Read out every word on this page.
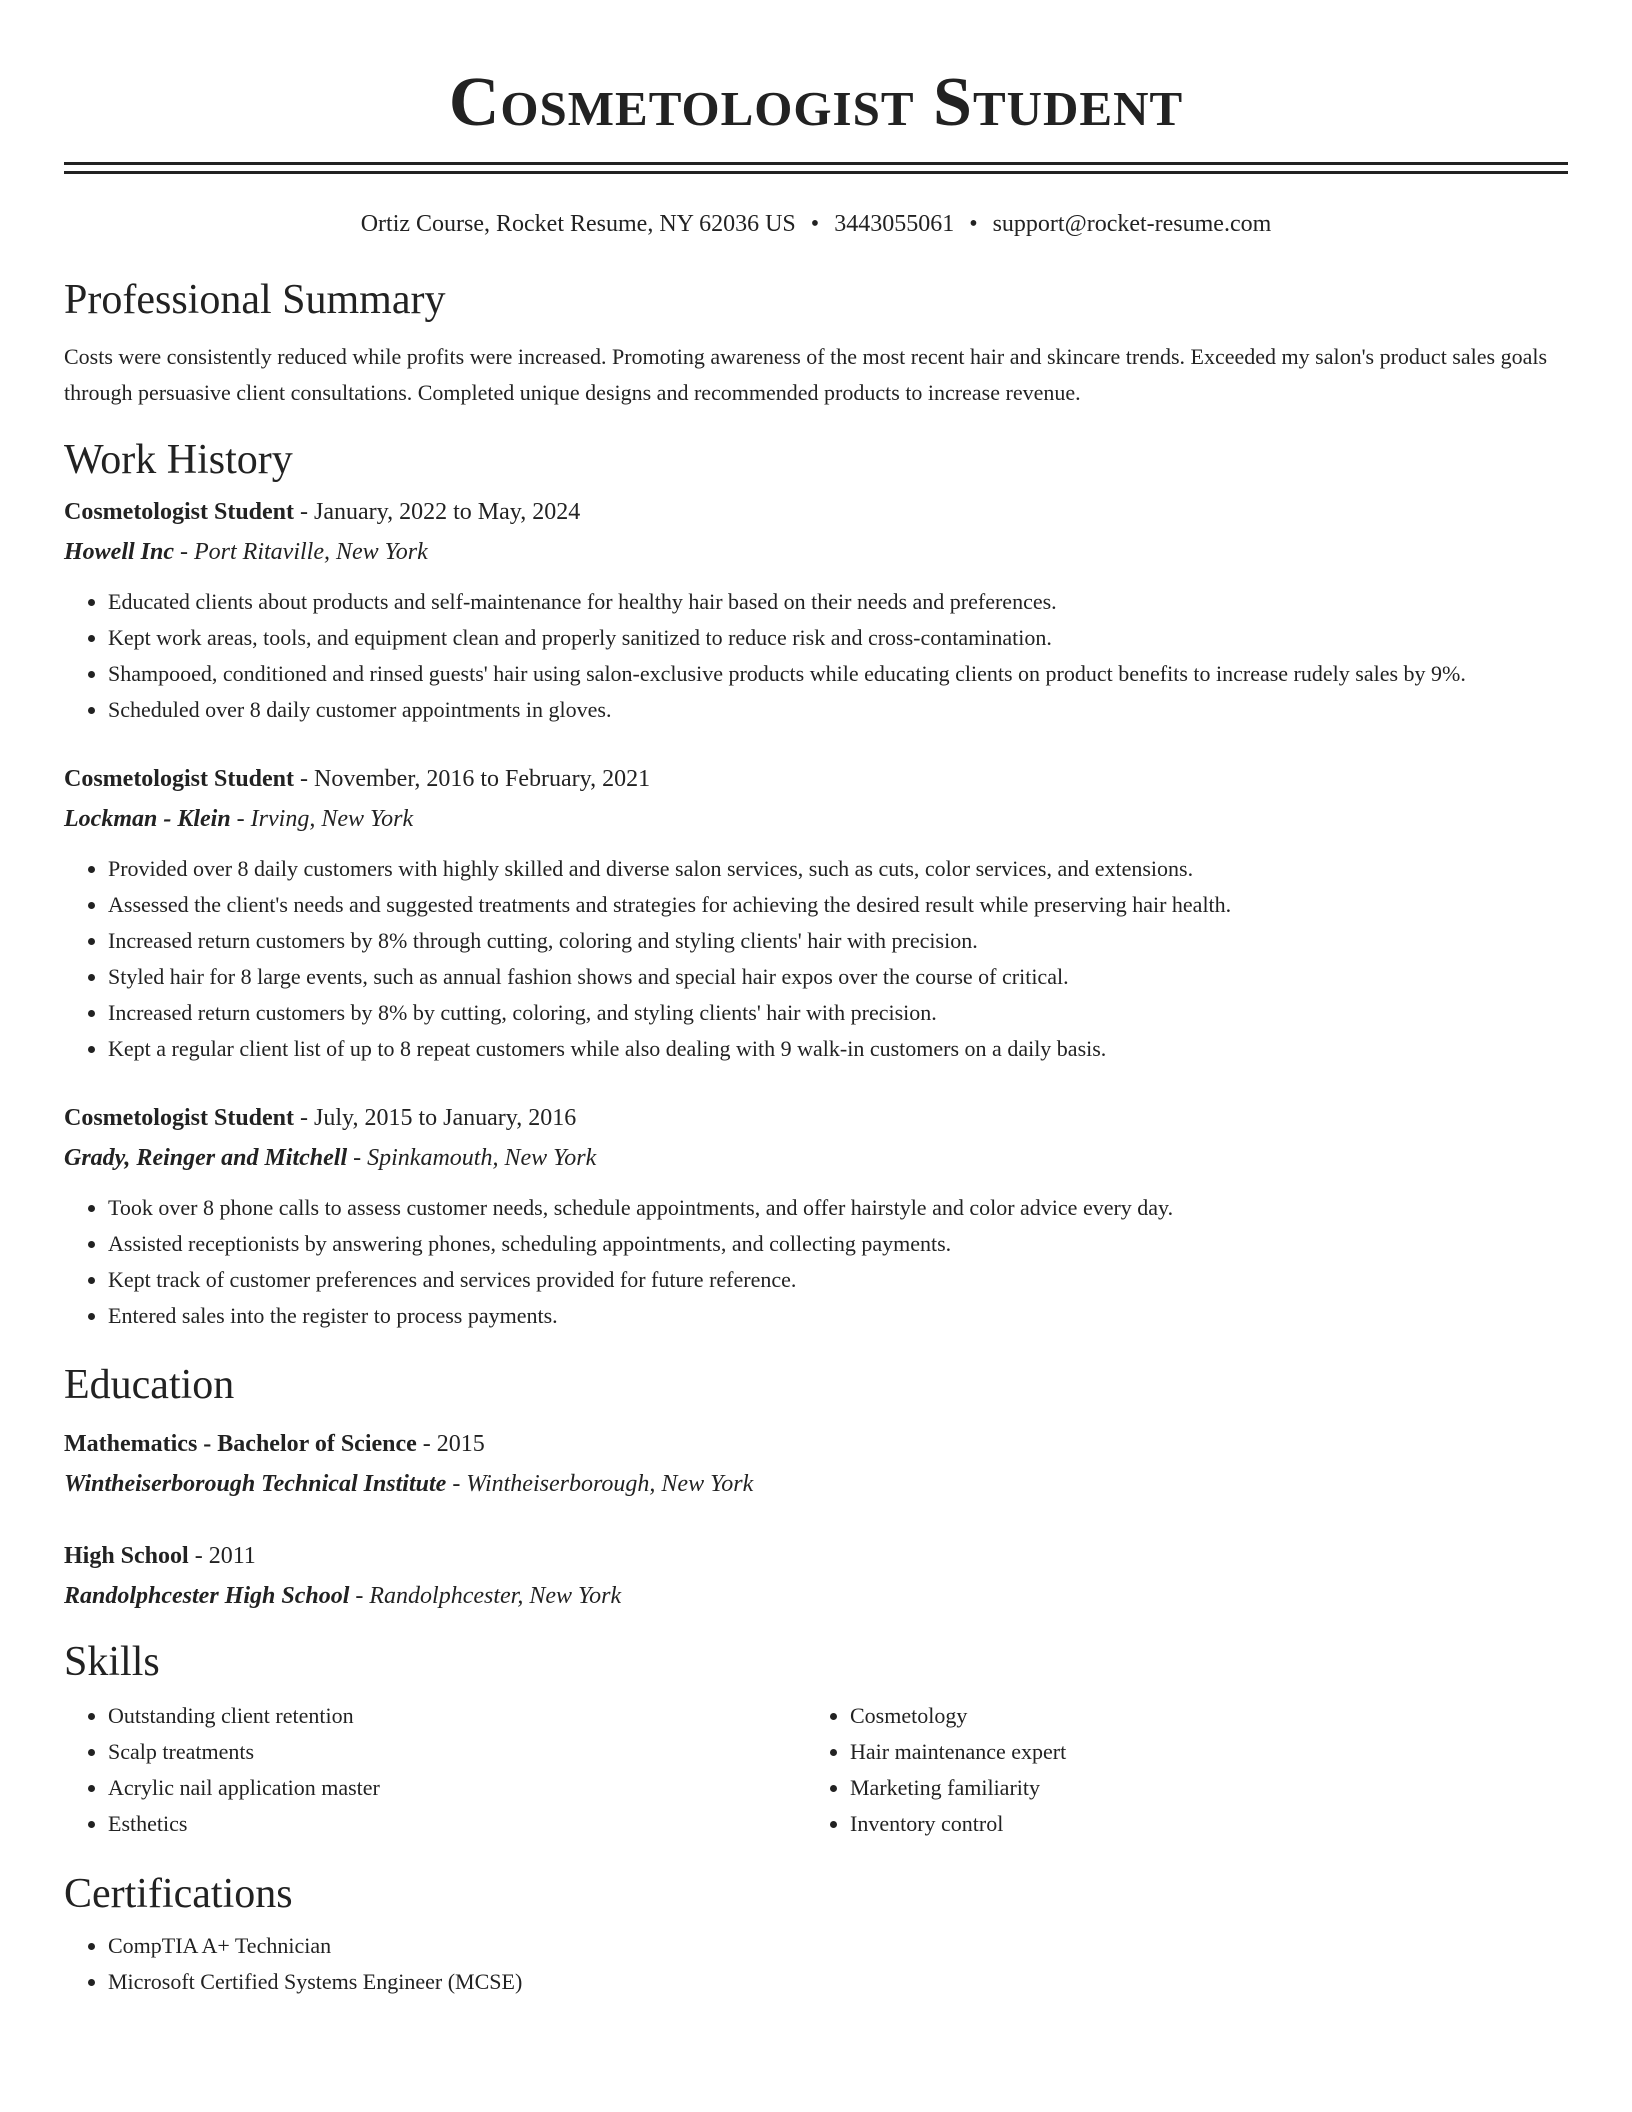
Cosmetologist Student
Ortiz Course, Rocket Resume, NY 62036 US • 3443055061 • support@rocket-resume.com
Professional Summary

Costs were consistently reduced while profits were increased. Promoting awareness of the most recent hair and skincare trends. Exceeded my salon's product sales goals through persuasive client consultations. Completed unique designs and recommended products to increase revenue.

Work History
Cosmetologist Student - January, 2022 to May, 2024
Howell Inc - Port Ritaville, New York
• Educated clients about products and self-maintenance for healthy hair based on their needs and preferences.
• Kept work areas, tools, and equipment clean and properly sanitized to reduce risk and cross-contamination.
• Shampooed, conditioned and rinsed guests' hair using salon-exclusive products while educating clients on product benefits to increase rudely sales by 9%.
• Scheduled over 8 daily customer appointments in gloves.
Cosmetologist Student - November, 2016 to February, 2021
Lockman - Klein - Irving, New York
• Provided over 8 daily customers with highly skilled and diverse salon services, such as cuts, color services, and extensions.
• Assessed the client's needs and suggested treatments and strategies for achieving the desired result while preserving hair health.
• Increased return customers by 8% through cutting, coloring and styling clients' hair with precision.
• Styled hair for 8 large events, such as annual fashion shows and special hair expos over the course of critical.
• Increased return customers by 8% by cutting, coloring, and styling clients' hair with precision.
• Kept a regular client list of up to 8 repeat customers while also dealing with 9 walk-in customers on a daily basis.
Cosmetologist Student - July, 2015 to January, 2016
Grady, Reinger and Mitchell - Spinkamouth, New York
• Took over 8 phone calls to assess customer needs, schedule appointments, and offer hairstyle and color advice every day.
• Assisted receptionists by answering phones, scheduling appointments, and collecting payments.
• Kept track of customer preferences and services provided for future reference.
• Entered sales into the register to process payments.
Education
Mathematics - Bachelor of Science - 2015
Wintheiserborough Technical Institute - Wintheiserborough, New York
High School - 2011
Randolphcester High School - Randolphcester, New York
Skills
• Outstanding client retention
• Scalp treatments
• Acrylic nail application master
• Esthetics
• Cosmetology
• Hair maintenance expert
• Marketing familiarity
• Inventory control
Certifications
• CompTIA A+ Technician
• Microsoft Certified Systems Engineer (MCSE)
